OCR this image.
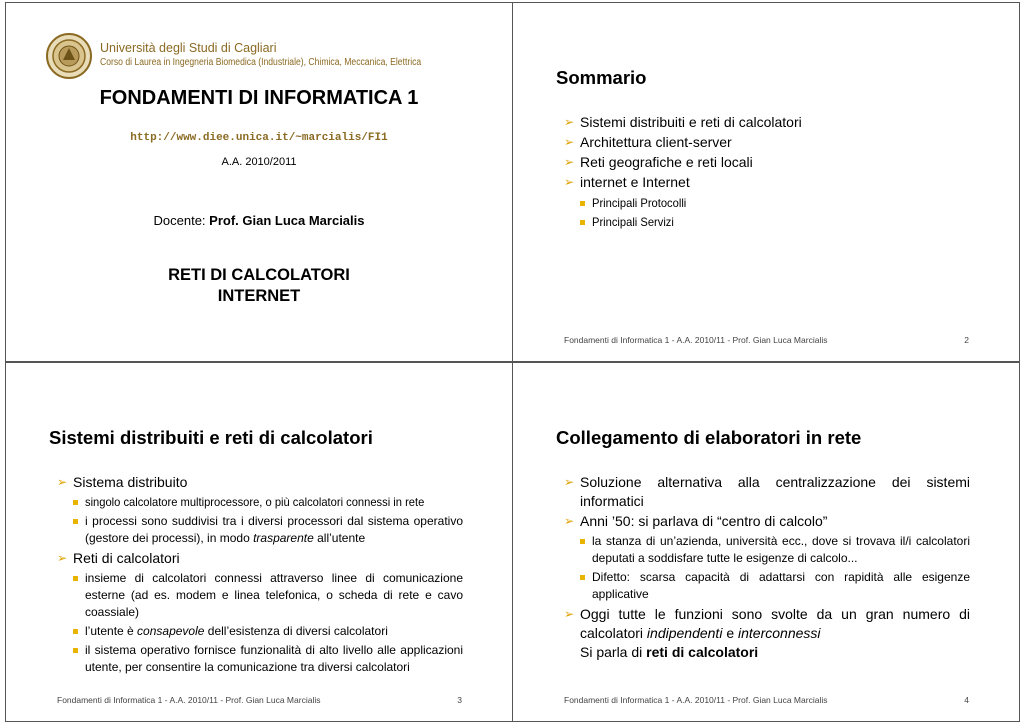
Università degli Studi di Cagliari
Corso di Laurea in Ingegneria Biomedica (Industriale), Chimica, Meccanica, Elettrica
FONDAMENTI DI INFORMATICA 1
http://www.diee.unica.it/~marcialis/FI1
A.A. 2010/2011
Docente: Prof. Gian Luca Marcialis
RETI DI CALCOLATORI
INTERNET
Sommario

➢ Sistemi distribuiti e reti di calcolatori

➢ Architettura client-server

➢ Reti geografiche e reti locali

➢ internet e Internet

Principali Protocolli

Principali Servizi

Fondamenti di Informatica 1 - A.A. 2010/11 - Prof. Gian Luca Marcialis	2
Sistemi distribuiti e reti di calcolatori

➢ Sistema distribuito

singolo calcolatore multiprocessore, o più calcolatori connessi in rete

i processi sono suddivisi tra i diversi processori dal sistema operativo (gestore dei processi), in modo trasparente all’utente

➢ Reti di calcolatori

insieme di calcolatori connessi attraverso linee di comunicazione esterne (ad es. modem e linea telefonica, o scheda di rete e cavo coassiale)

l’utente è consapevole dell’esistenza di diversi calcolatori

il sistema operativo fornisce funzionalità di alto livello alle applicazioni utente, per consentire la comunicazione tra diversi calcolatori

Fondamenti di Informatica 1 - A.A. 2010/11 - Prof. Gian Luca Marcialis	3
Collegamento di elaboratori in rete

➢ Soluzione alternativa alla centralizzazione dei sistemi informatici

➢ Anni ’50: si parlava di “centro di calcolo”

la stanza di un’azienda, università ecc., dove si trovava il/i calcolatori deputati a soddisfare tutte le esigenze di calcolo...

Difetto: scarsa capacità di adattarsi con rapidità alle esigenze applicative

➢ Oggi tutte le funzioni sono svolte da un gran numero di calcolatori indipendenti e interconnessi
Si parla di reti di calcolatori

Fondamenti di Informatica 1 - A.A. 2010/11 - Prof. Gian Luca Marcialis	4
